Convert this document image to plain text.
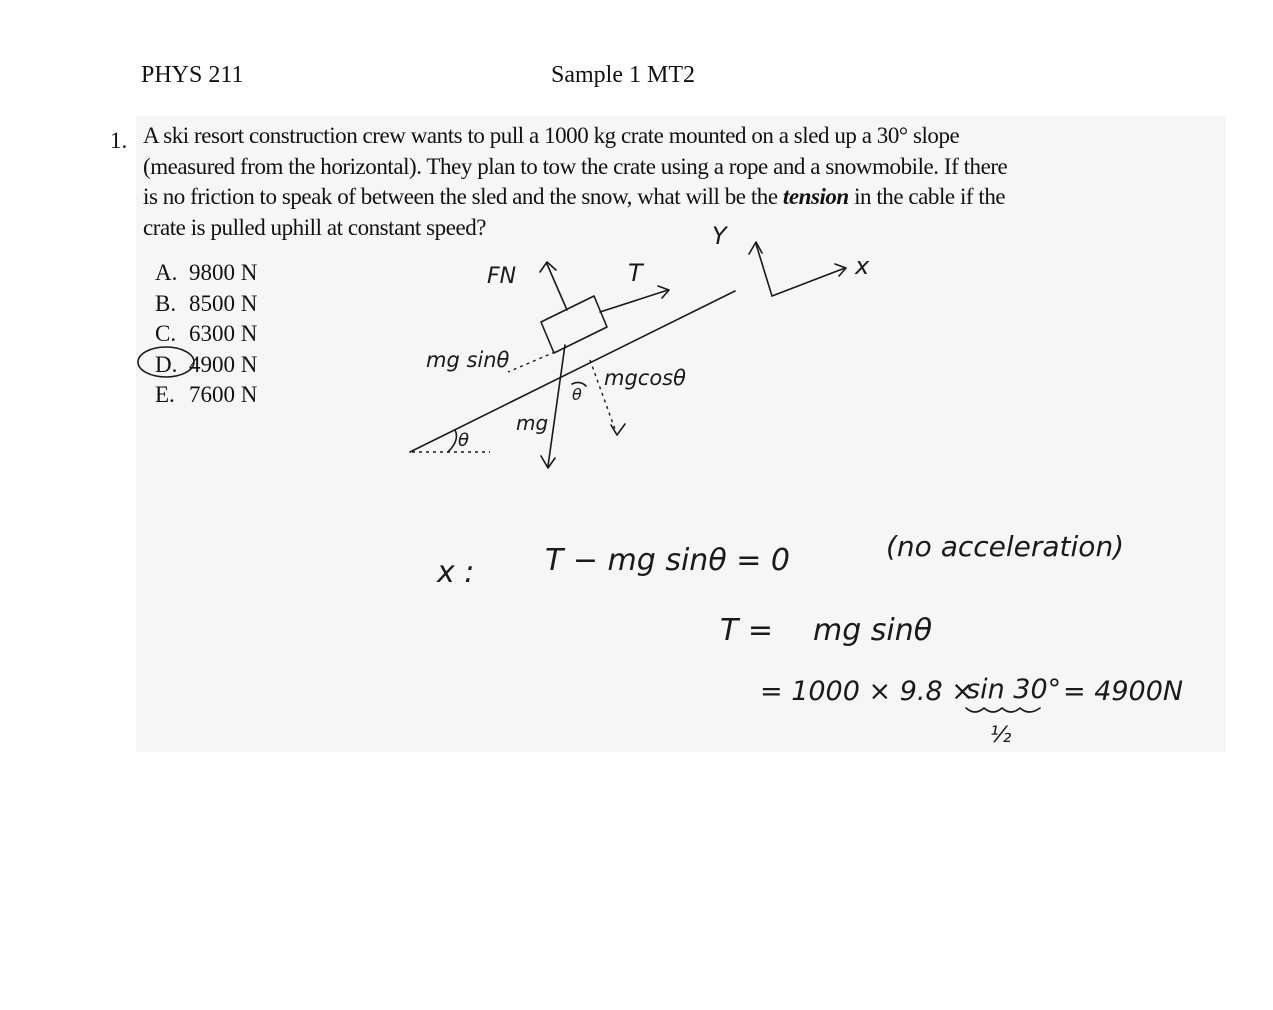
PHYS 211	Sample 1 MT2
1. A ski resort construction crew wants to pull a 1000 kg crate mounted on a sled up a 30° slope (measured from the horizontal). They plan to tow the crate using a rope and a snowmobile. If there is no friction to speak of between the sled and the snow, what will be the tension in the cable if the crate is pulled uphill at constant speed?
A. 9800 N
B. 8500 N
C. 6300 N
D. 4900 N
E. 7600 N
FN	T
Y
x
mg sinθ
mgcosθ
mg
θ
θ
x : T − mg sinθ = 0	(no acceleration)
T = mg sinθ
= 1000 × 9.8 ×
sin 30°
½
= 4900N
